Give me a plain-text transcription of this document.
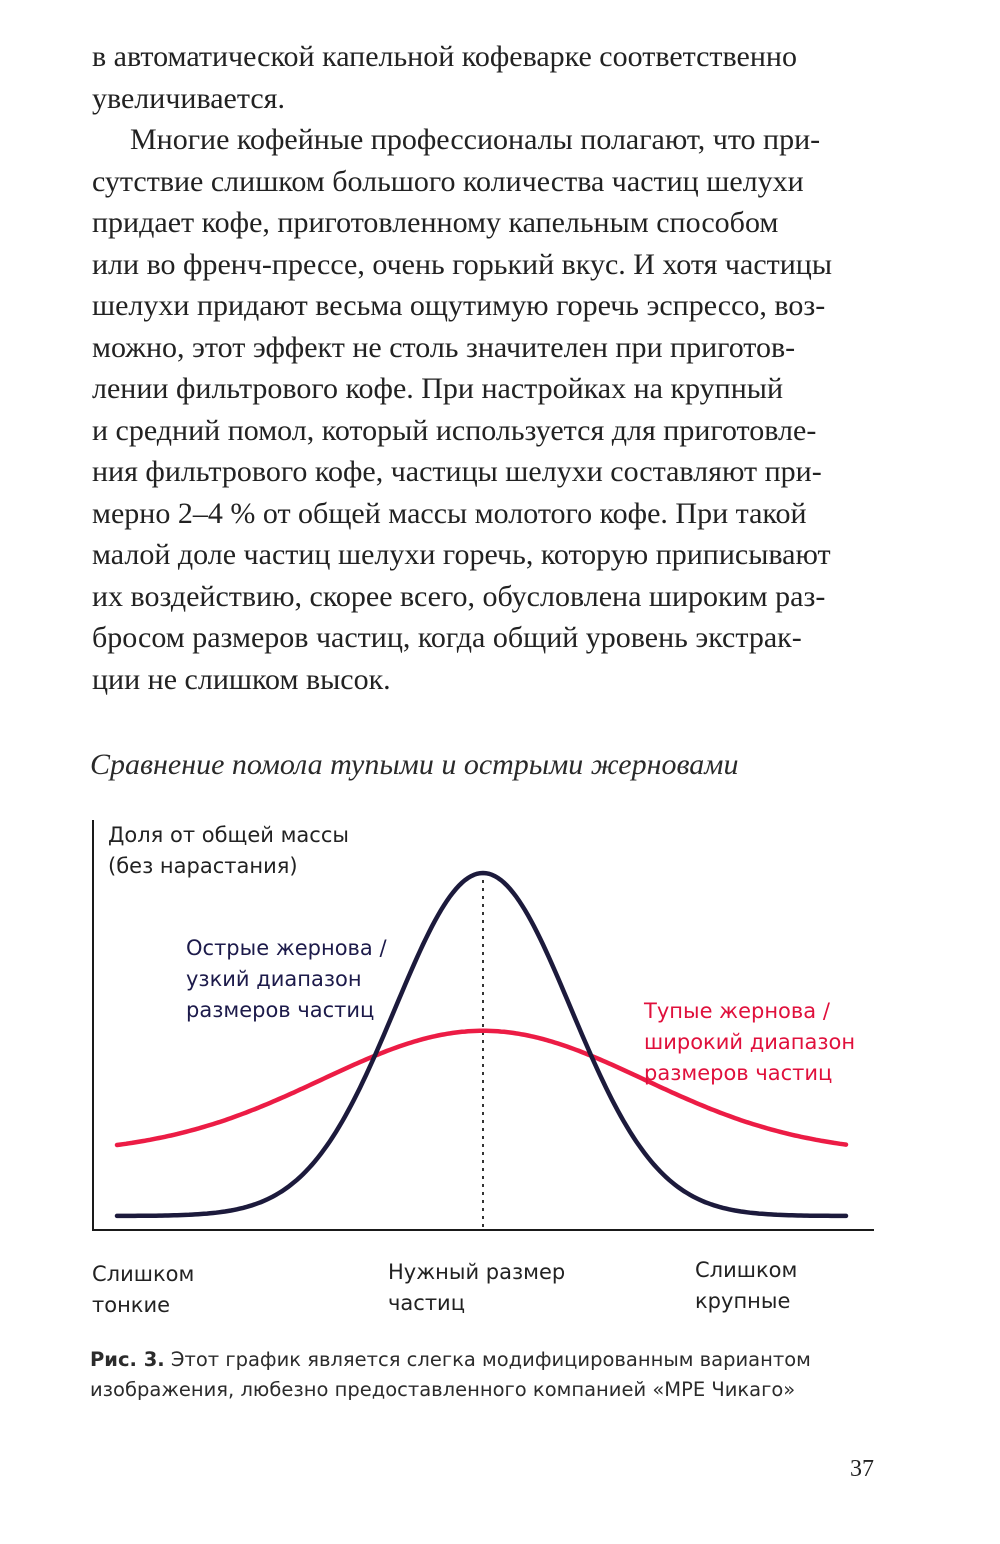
в автоматической капельной кофеварке соответственно
увеличивается.
Многие кофейные профессионалы полагают, что при-
сутствие слишком большого количества частиц шелухи
придает кофе, приготовленному капельным способом
или во френч-прессе, очень горький вкус. И хотя частицы
шелухи придают весьма ощутимую горечь эспрессо, воз-
можно, этот эффект не столь значителен при приготов-
лении фильтрового кофе. При настройках на крупный
и средний помол, который используется для приготовле-
ния фильтрового кофе, частицы шелухи составляют при-
мерно 2–4 % от общей массы молотого кофе. При такой
малой доле частиц шелухи горечь, которую приписывают
их воздействию, скорее всего, обусловлена широким раз-
бросом размеров частиц, когда общий уровень экстрак-
ции не слишком высок.
Сравнение помола тупыми и острыми жерновами
Доля от общей массы
(без нарастания)
Острые жернова /
узкий диапазон
размеров частиц	Тупые жернова /
широкий диапазон
размеров частиц
Слишком
тонкие
Нужный размер
частиц
Слишком
крупные
Рис. 3. Этот график является слегка модифицированным вариантом
изображения, любезно предоставленного компанией «МРЕ Чикаго»
37
